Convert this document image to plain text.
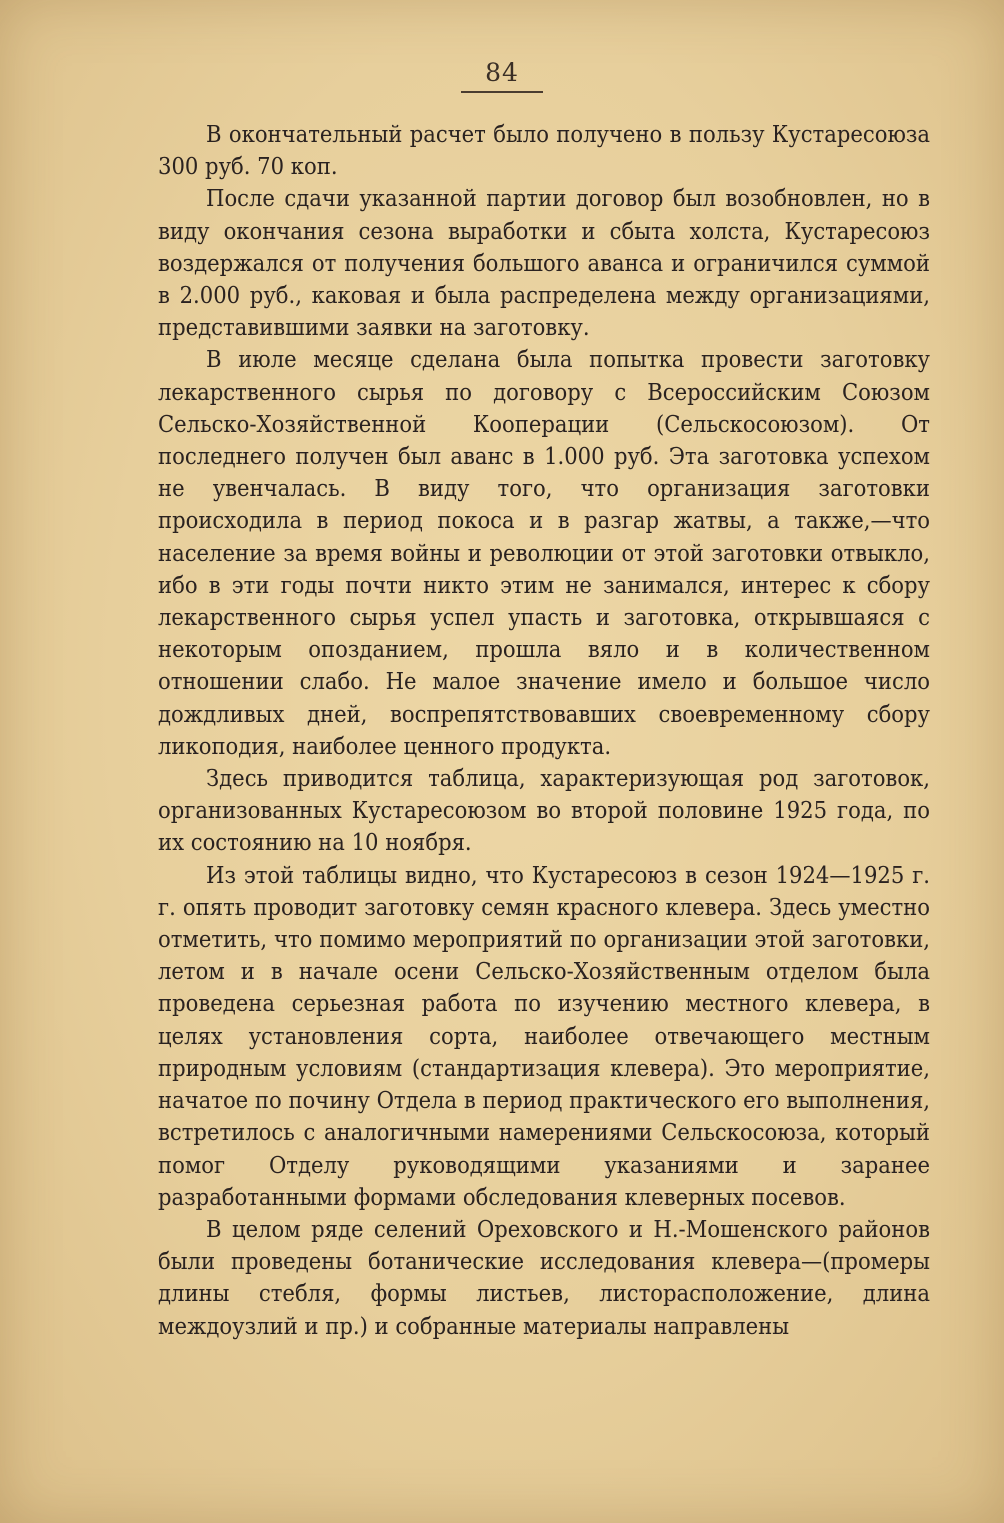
84

В окончательный расчет было получено в пользу Кустаресоюза 300 руб. 70 коп.

После сдачи указанной партии договор был возобновлен, но в виду окончания сезона выработки и сбыта холста, Кустаресоюз воздержался от получения большого аванса и ограничился суммой в 2.000 руб., каковая и была распределена между организациями, представившими заявки на заготовку.

В июле месяце сделана была попытка провести заготовку лекарственного сырья по договору с Всероссийским Союзом Сельско-Хозяйственной Кооперации (Сельскосоюзом). От последнего получен был аванс в 1.000 руб. Эта заготовка успехом не увенчалась. В виду того, что организация заготовки происходила в период покоса и в разгар жатвы, а также,—что население за время войны и революции от этой заготовки отвыкло, ибо в эти годы почти никто этим не занимался, интерес к сбору лекарственного сырья успел упасть и заготовка, открывшаяся с некоторым опозданием, прошла вяло и в количественном отношении слабо. Не малое значение имело и большое число дождливых дней, воспрепятствовавших своевременному сбору ликоподия, наиболее ценного продукта.

Здесь приводится таблица, характеризующая род заготовок, организованных Кустаресоюзом во второй половине 1925 года, по их состоянию на 10 ноября.

Из этой таблицы видно, что Кустаресоюз в сезон 1924—1925 г. г. опять проводит заготовку семян красного клевера. Здесь уместно отметить, что помимо мероприятий по организации этой заготовки, летом и в начале осени Сельско-Хозяйственным отделом была проведена серьезная работа по изучению местного клевера, в целях установления сорта, наиболее отвечающего местным природным условиям (стандартизация клевера). Это мероприятие, начатое по почину Отдела в период практического его выполнения, встретилось с аналогичными намерениями Сельскосоюза, который помог Отделу руководящими указаниями и заранее разработанными формами обследования клеверных посевов.

В целом ряде селений Ореховского и Н.-Мошенского районов были проведены ботанические исследования клевера—(промеры длины стебля, формы листьев, листорасположение, длина междоузлий и пр.) и собранные материалы направлены
